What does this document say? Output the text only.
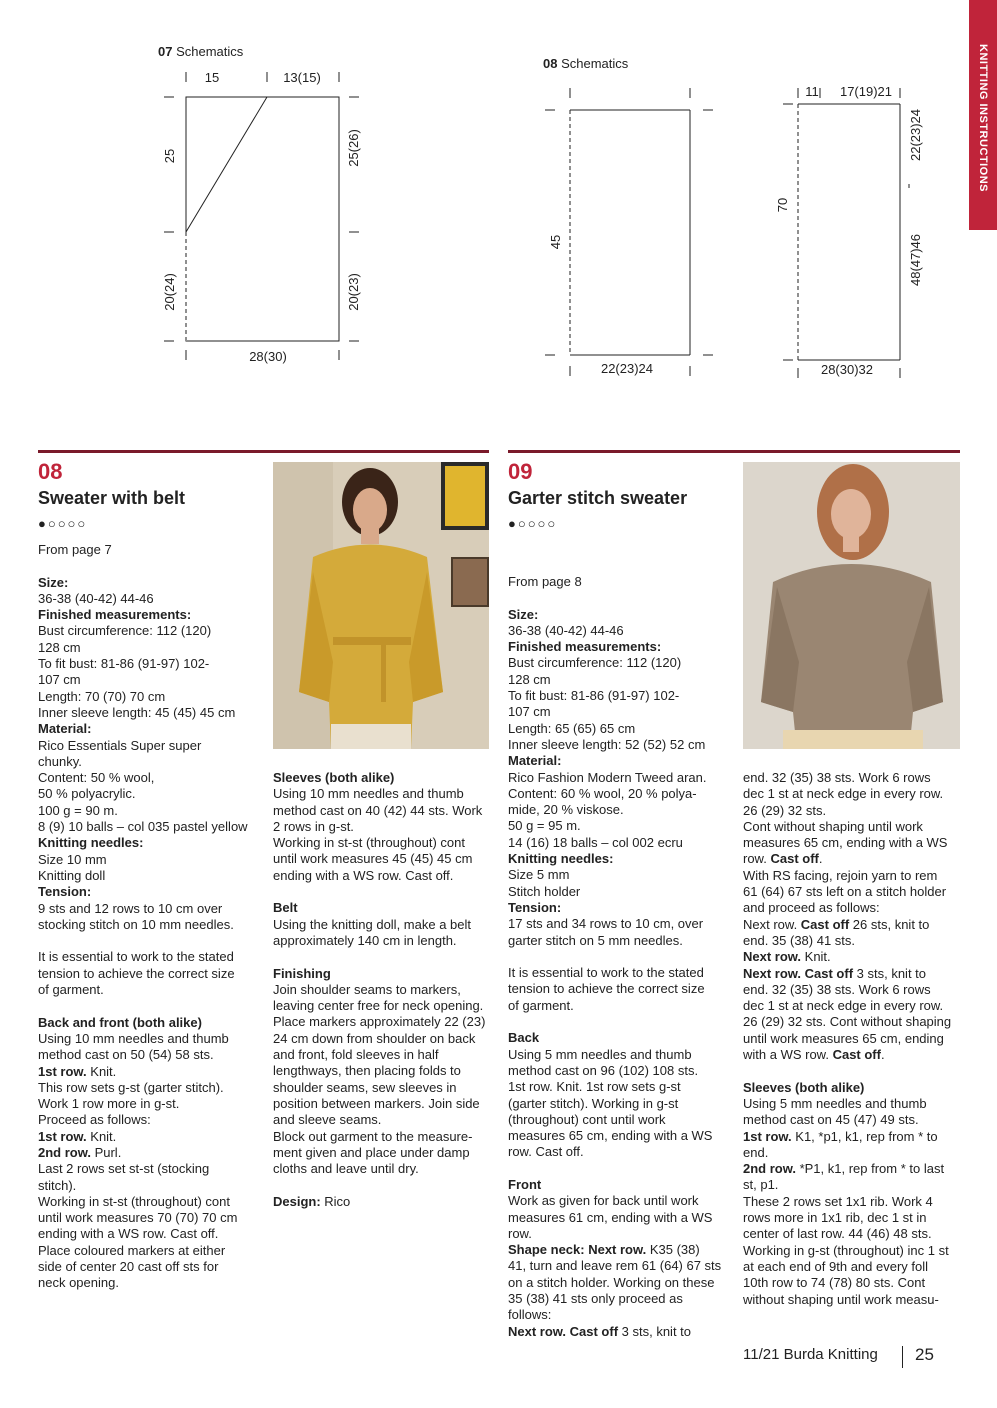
KNITTING INSTRUCTIONS
07 Schematics
15	13(15)
28(30)
25
20(24)
25(26)
20(23)
08 Schematics
45
22(23)24
11 17(19)21
70
22(23)24
48(47)46
28(30)32
08
Sweater with belt
●○○○○

From page 7

Size:

36-38 (40-42) 44-46

Finished measurements:

Bust circumference: 112 (120)

128 cm

To fit bust: 81-86 (91-97) 102-

107 cm

Length: 70 (70) 70 cm

Inner sleeve length: 45 (45) 45 cm

Material:

Rico Essentials Super super

chunky.

Content: 50 % wool,

50 % polyacrylic.

100 g = 90 m.

8 (9) 10 balls – col 035 pastel yellow

Knitting needles:

Size 10 mm

Knitting doll

Tension:

9 sts and 12 rows to 10 cm over

stocking stitch on 10 mm needles.

It is essential to work to the stated

tension to achieve the correct size

of garment.

Back and front (both alike)

Using 10 mm needles and thumb

method cast on 50 (54) 58 sts.

1st row. Knit.

This row sets g-st (garter stitch).

Work 1 row more in g-st.

Proceed as follows:

1st row. Knit.

2nd row. Purl.

Last 2 rows set st-st (stocking

stitch).

Working in st-st (throughout) cont

until work measures 70 (70) 70 cm

ending with a WS row. Cast off.

Place coloured markers at either

side of center 20 cast off sts for

neck opening.

Sleeves (both alike)

Using 10 mm needles and thumb

method cast on 40 (42) 44 sts. Work

2 rows in g-st.

Working in st-st (throughout) cont

until work measures 45 (45) 45 cm

ending with a WS row. Cast off.

Belt

Using the knitting doll, make a belt

approximately 140 cm in length.

Finishing

Join shoulder seams to markers,

leaving center free for neck opening.

Place markers approximately 22 (23)

24 cm down from shoulder on back

and front, fold sleeves in half

lengthways, then placing folds to

shoulder seams, sew sleeves in

position between markers. Join side

and sleeve seams.

Block out garment to the measure-

ment given and place under damp

cloths and leave until dry.

Design: Rico

09
Garter stitch sweater
●○○○○

From page 8

Size:

36-38 (40-42) 44-46

Finished measurements:

Bust circumference: 112 (120)

128 cm

To fit bust: 81-86 (91-97) 102-

107 cm

Length: 65 (65) 65 cm

Inner sleeve length: 52 (52) 52 cm

Material:

Rico Fashion Modern Tweed aran.

Content: 60 % wool, 20 % polya-

mide, 20 % viskose.

50 g = 95 m.

14 (16) 18 balls – col 002 ecru

Knitting needles:

Size 5 mm

Stitch holder

Tension:

17 sts and 34 rows to 10 cm, over

garter stitch on 5 mm needles.

It is essential to work to the stated

tension to achieve the correct size

of garment.

Back

Using 5 mm needles and thumb

method cast on 96 (102) 108 sts.

1st row. Knit. 1st row sets g-st

(garter stitch). Working in g-st

(throughout) cont until work

measures 65 cm, ending with a WS

row. Cast off.

Front

Work as given for back until work

measures 61 cm, ending with a WS

row.

Shape neck: Next row. K35 (38)

41, turn and leave rem 61 (64) 67 sts

on a stitch holder. Working on these

35 (38) 41 sts only proceed as

follows:

Next row. Cast off 3 sts, knit to

end. 32 (35) 38 sts. Work 6 rows

dec 1 st at neck edge in every row.

26 (29) 32 sts.

Cont without shaping until work

measures 65 cm, ending with a WS

row. Cast off.

With RS facing, rejoin yarn to rem

61 (64) 67 sts left on a stitch holder

and proceed as follows:

Next row. Cast off 26 sts, knit to

end. 35 (38) 41 sts.

Next row. Knit.

Next row. Cast off 3 sts, knit to

end. 32 (35) 38 sts. Work 6 rows

dec 1 st at neck edge in every row.

26 (29) 32 sts. Cont without shaping

until work measures 65 cm, ending

with a WS row. Cast off.

Sleeves (both alike)

Using 5 mm needles and thumb

method cast on 45 (47) 49 sts.

1st row. K1, *p1, k1, rep from * to

end.

2nd row. *P1, k1, rep from * to last

st, p1.

These 2 rows set 1x1 rib. Work 4

rows more in 1x1 rib, dec 1 st in

center of last row. 44 (46) 48 sts.

Working in g-st (throughout) inc 1 st

at each end of 9th and every foll

10th row to 74 (78) 80 sts. Cont

without shaping until work measu-

11/21 Burda Knitting 25
